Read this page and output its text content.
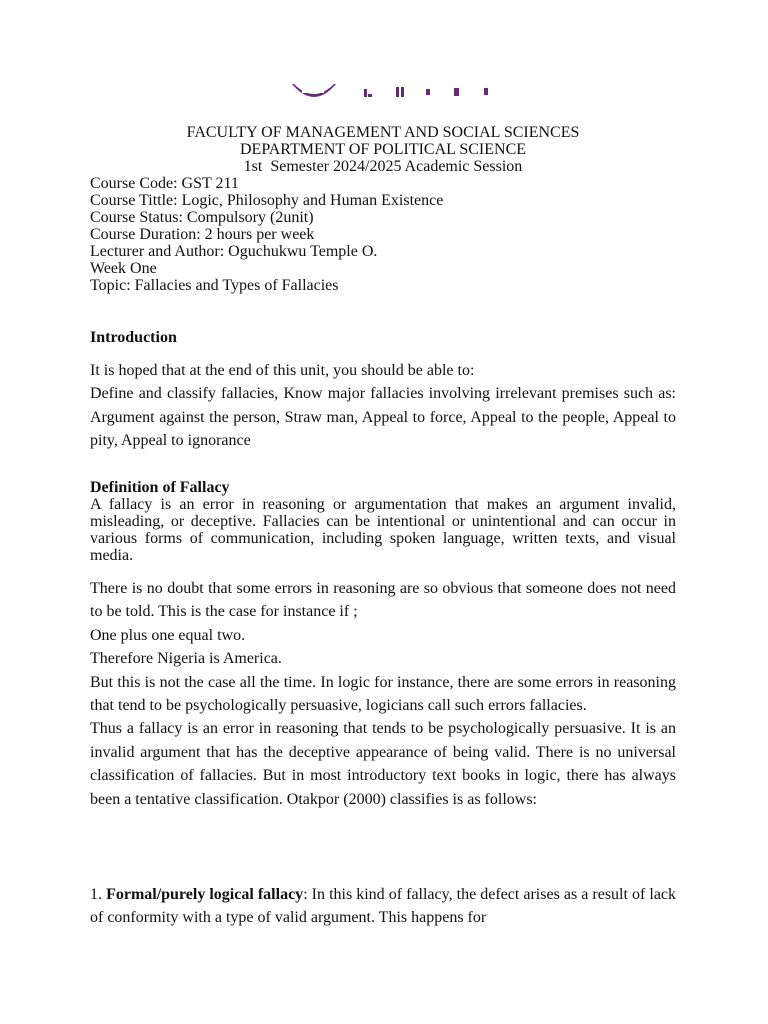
FACULTY OF MANAGEMENT AND SOCIAL SCIENCES
DEPARTMENT OF POLITICAL SCIENCE
1st  Semester 2024/2025 Academic Session
Course Code: GST 211
Course Tittle: Logic, Philosophy and Human Existence
Course Status: Compulsory (2unit)
Course Duration: 2 hours per week
Lecturer and Author: Oguchukwu Temple O.
Week One
Topic: Fallacies and Types of Fallacies
Introduction
It is hoped that at the end of this unit, you should be able to:
Define and classify fallacies, Know major fallacies involving irrelevant premises such as: Argument against the person, Straw man, Appeal to force, Appeal to the people, Appeal to pity, Appeal to ignorance
Definition of Fallacy
A fallacy is an error in reasoning or argumentation that makes an argument invalid, misleading, or deceptive. Fallacies can be intentional or unintentional and can occur in various forms of communication, including spoken language, written texts, and visual media.
There is no doubt that some errors in reasoning are so obvious that someone does not need to be told. This is the case for instance if ;
One plus one equal two.
Therefore Nigeria is America.
But this is not the case all the time. In logic for instance, there are some errors in reasoning that tend to be psychologically persuasive, logicians call such errors fallacies.
Thus a fallacy is an error in reasoning that tends to be psychologically persuasive. It is an invalid argument that has the deceptive appearance of being valid. There is no universal classification of fallacies. But in most introductory text books in logic, there has always been a tentative classification. Otakpor (2000) classifies is as follows:
1. Formal/purely logical fallacy: In this kind of fallacy, the defect arises as a result of lack of conformity with a type of valid argument. This happens for
